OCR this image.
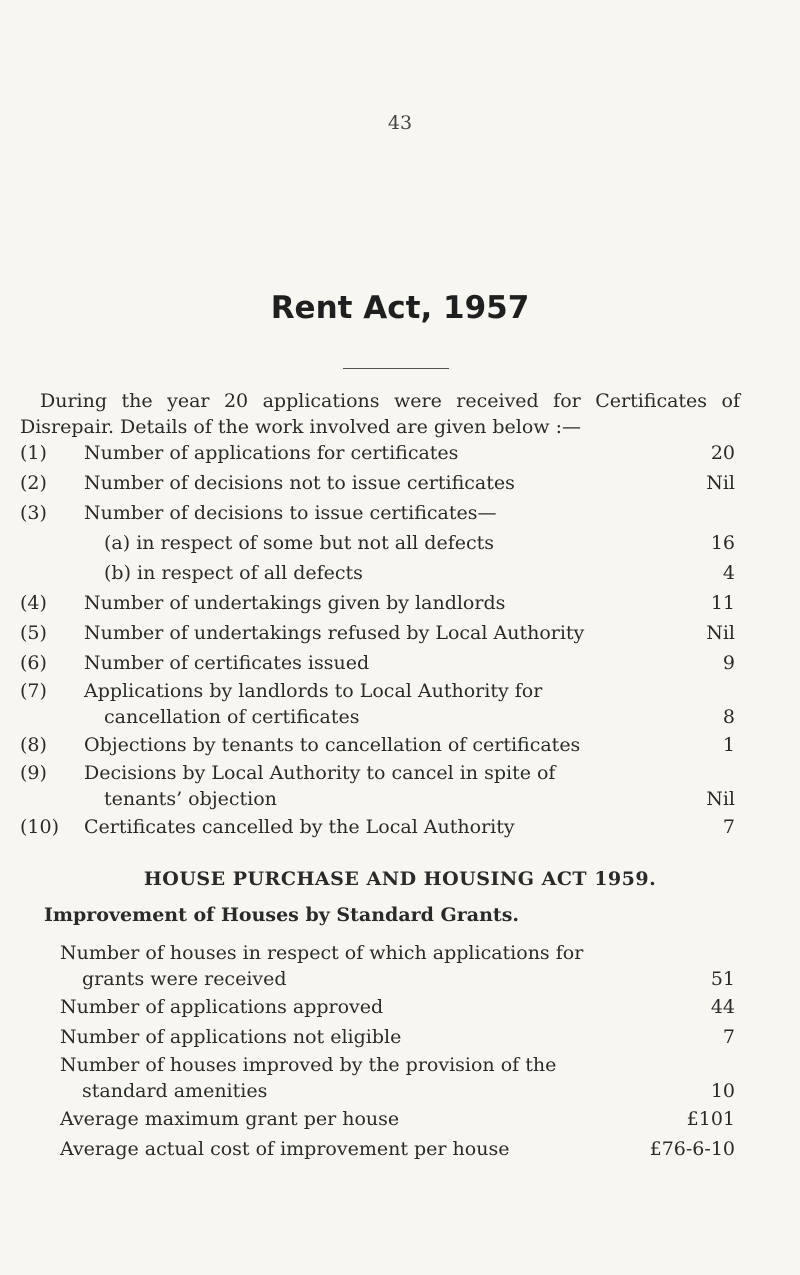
43
Rent Act, 1957

During the year 20 applications were received for Certificates of Disrepair. Details of the work involved are given below :—

(1) Number of applications for certificates	20
(2) Number of decisions not to issue certificates	Nil
(3) Number of decisions to issue certificates—
(a) in respect of some but not all defects	16
(b) in respect of all defects	4
(4) Number of undertakings given by landlords	11
(5) Number of undertakings refused by Local Authority	Nil
(6) Number of certificates issued	9
(7) Applications by landlords to Local Authority for
cancellation of certificates	8
(8) Objections by tenants to cancellation of certificates	1
(9) Decisions by Local Authority to cancel in spite of
tenants’ objection	Nil
(10) Certificates cancelled by the Local Authority	7
HOUSE PURCHASE AND HOUSING ACT 1959.
Improvement of Houses by Standard Grants.
Number of houses in respect of which applications for
grants were received	51
Number of applications approved	44
Number of applications not eligible	7
Number of houses improved by the provision of the
standard amenities	10
Average maximum grant per house	£101
Average actual cost of improvement per house	£76-6-10
